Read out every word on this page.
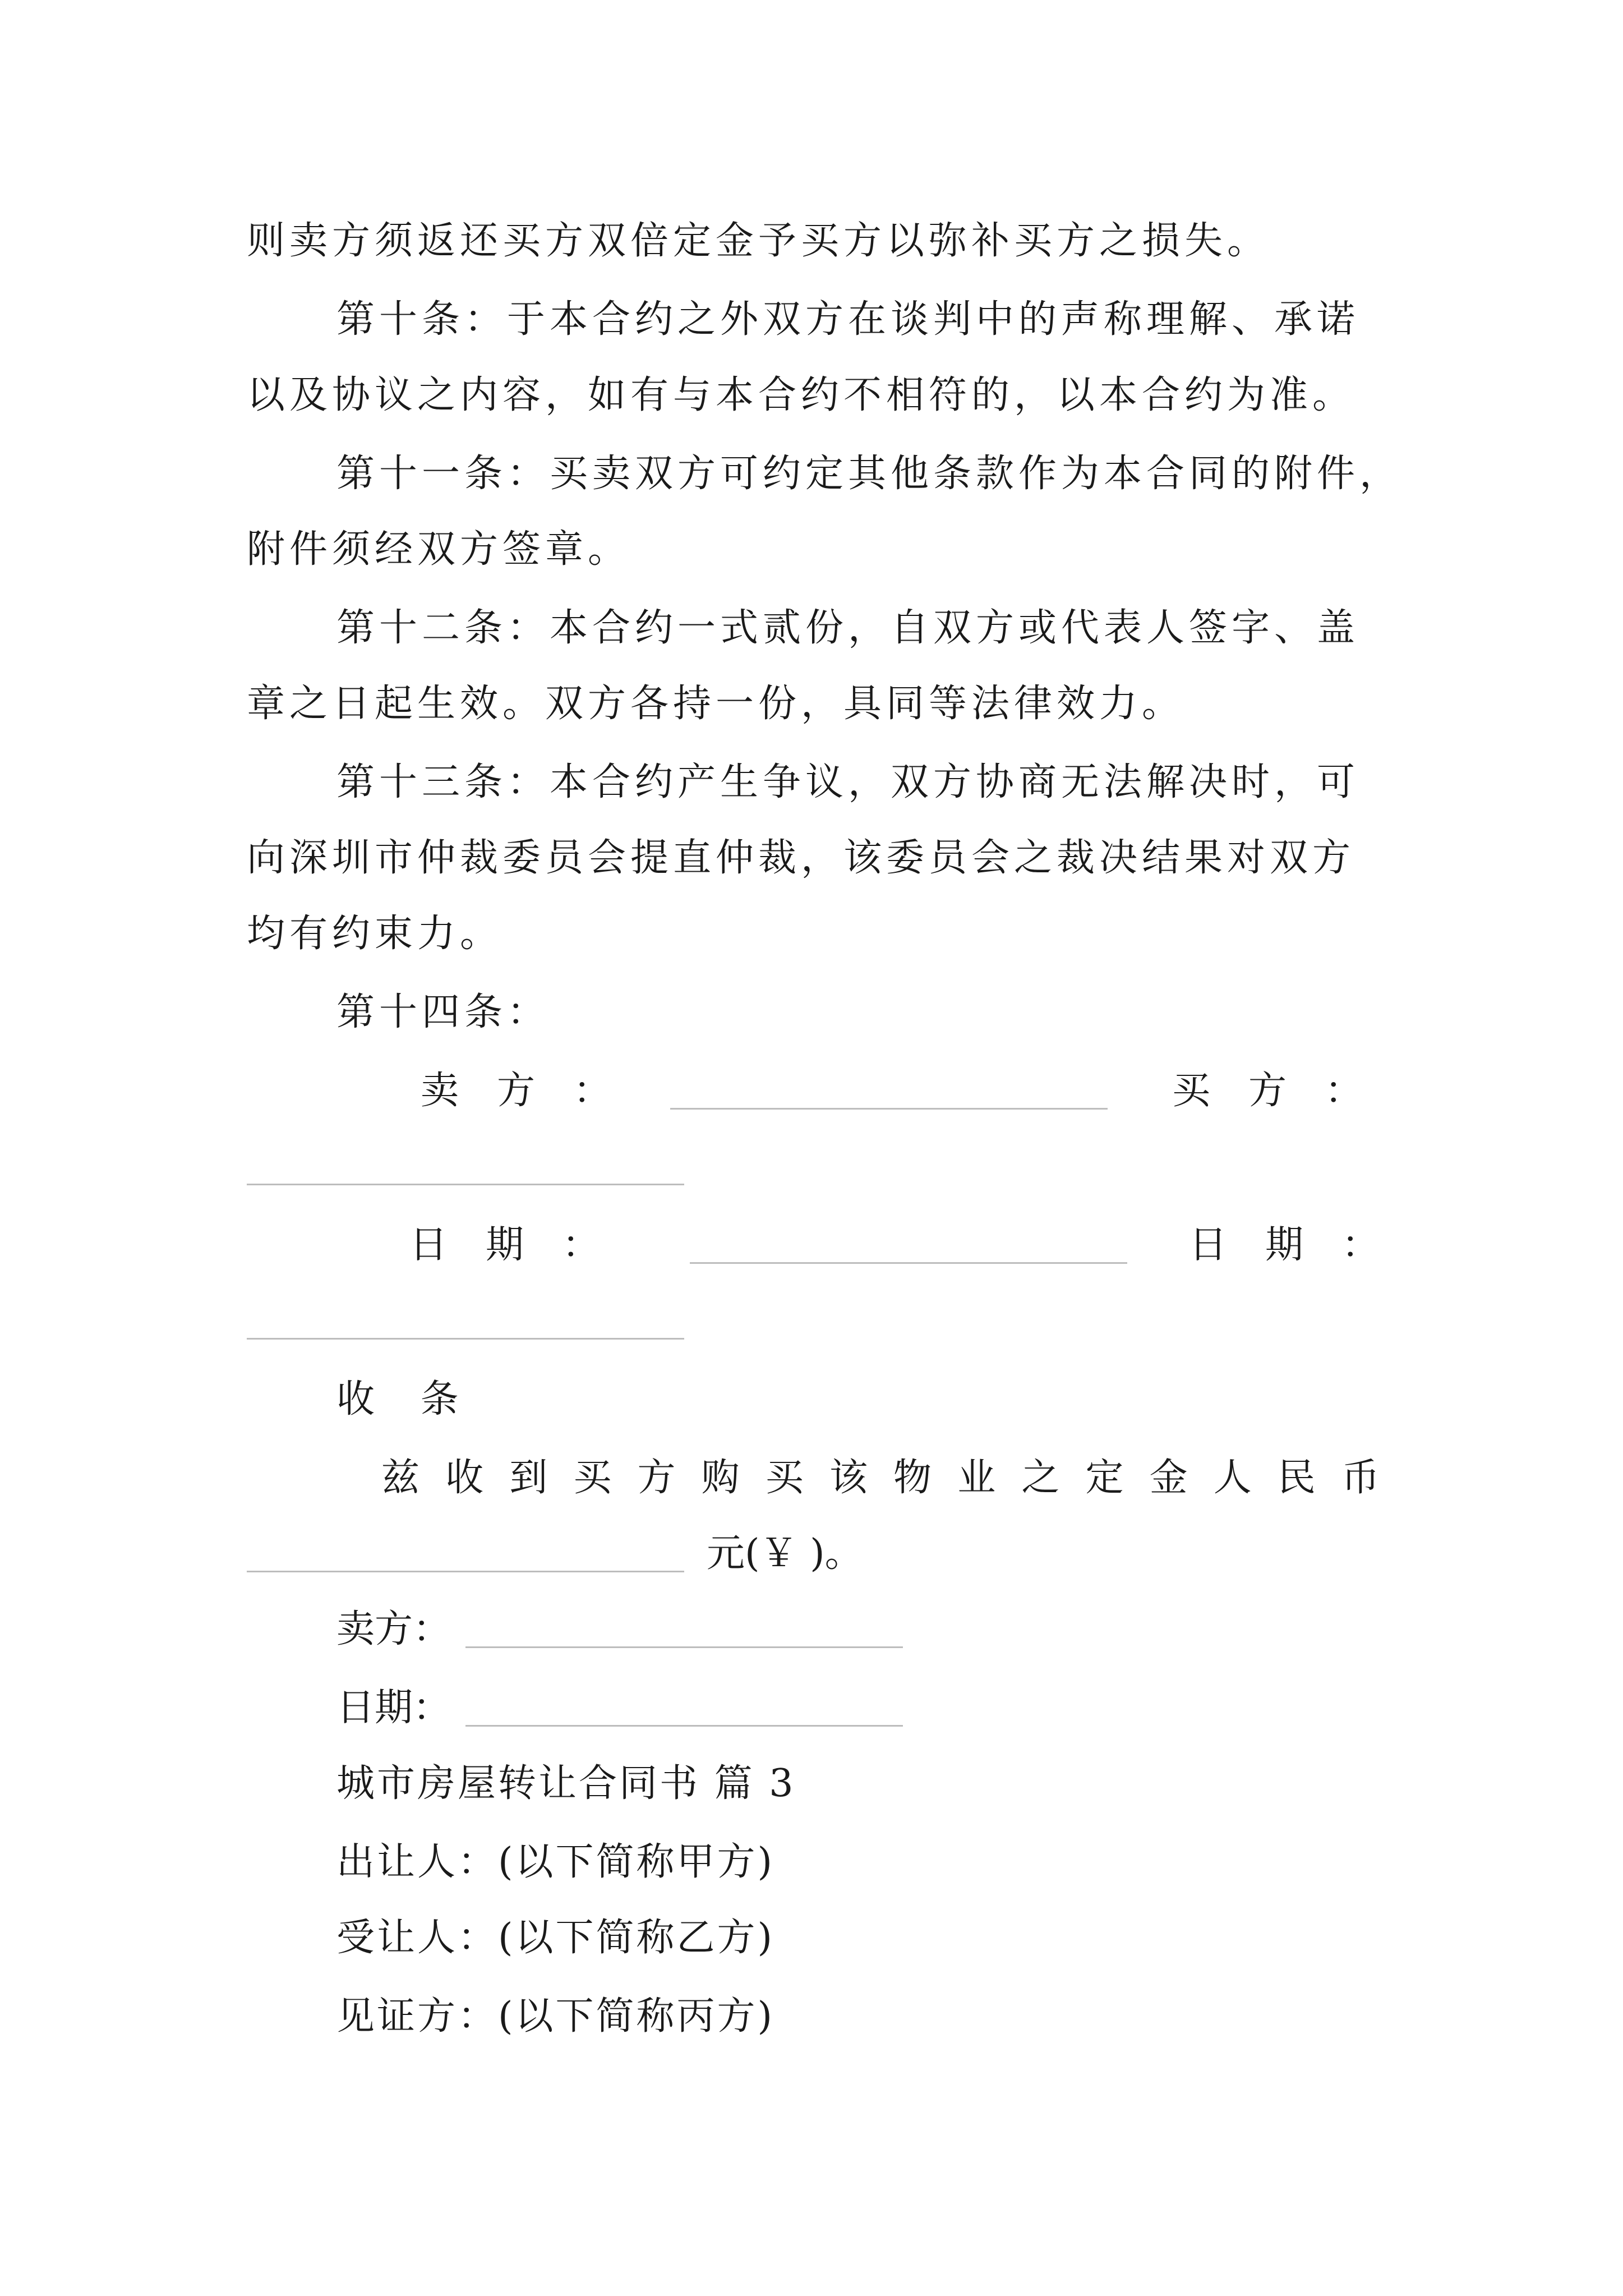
则卖方须返还买方双倍定金予买方以弥补买方之损失。
第十条：于本合约之外双方在谈判中的声称理解、承诺
以及协议之内容，如有与本合约不相符的，以本合约为准。
第十一条：买卖双方可约定其他条款作为本合同的附件，
附件须经双方签章。
第十二条：本合约一式贰份，自双方或代表人签字、盖
章之日起生效。双方各持一份，具同等法律效力。
第十三条：本合约产生争议，双方协商无法解决时，可
向深圳市仲裁委员会提直仲裁，该委员会之裁决结果对双方
均有约束力。
第十四条：
卖　方　：	买　方　：
日　期　：	日　期　：
收 条
兹收到买方购买该物业之定金人民币
元(￥ )。
卖方：
日期：
城市房屋转让合同书 篇 3
出让人：(以下简称甲方)
受让人：(以下简称乙方)
见证方：(以下简称丙方)
